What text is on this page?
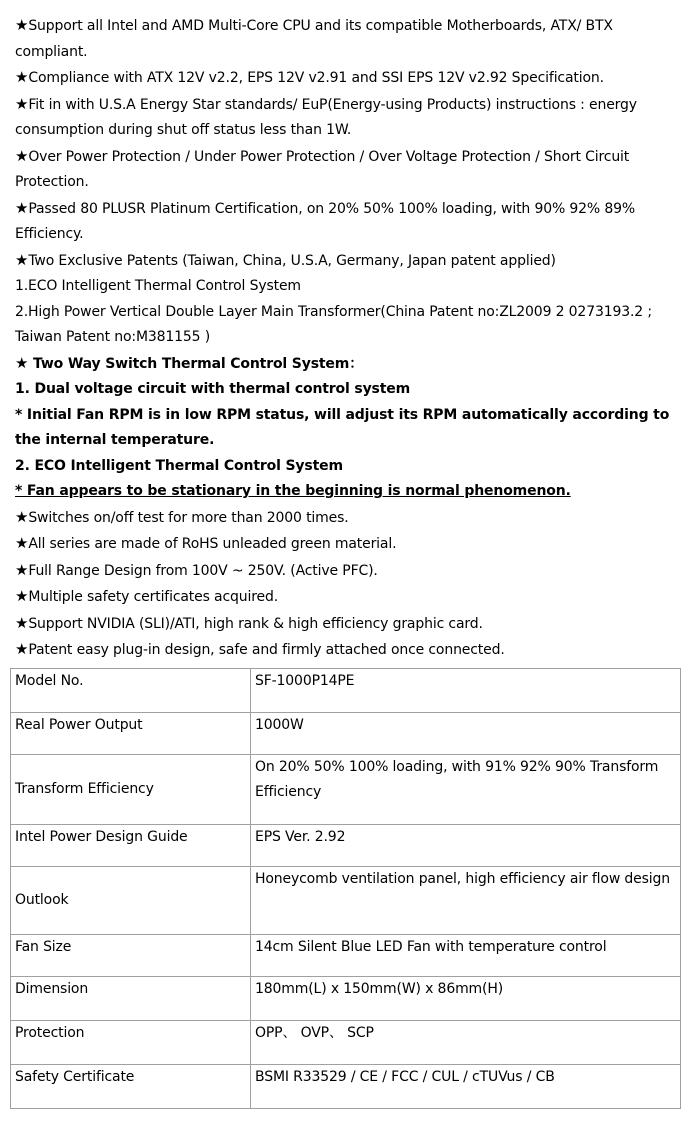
★Support all Intel and AMD Multi-Core CPU and its compatible Motherboards, ATX/ BTX compliant.

★Compliance with ATX 12V v2.2, EPS 12V v2.91 and SSI EPS 12V v2.92 Specification.

★Fit in with U.S.A Energy Star standards/ EuP(Energy-using Products) instructions : energy consumption during shut off status less than 1W.

★Over Power Protection / Under Power Protection / Over Voltage Protection / Short Circuit Protection.

★Passed 80 PLUSR Platinum Certification, on 20% 50% 100% loading, with 90% 92% 89% Efficiency.

★Two Exclusive Patents (Taiwan, China, U.S.A, Germany, Japan patent applied)

1.ECO Intelligent Thermal Control System

2.High Power Vertical Double Layer Main Transformer(China Patent no:ZL2009 2 0273193.2 ; Taiwan Patent no:M381155 )

★ Two Way Switch Thermal Control System：

1. Dual voltage circuit with thermal control system

* Initial Fan RPM is in low RPM status, will adjust its RPM automatically according to the internal temperature.

2. ECO Intelligent Thermal Control System

* Fan appears to be stationary in the beginning is normal phenomenon.

★Switches on/off test for more than 2000 times.

★All series are made of RoHS unleaded green material.

★Full Range Design from 100V ~ 250V. (Active PFC).

★Multiple safety certificates acquired.

★Support NVIDIA (SLI)/ATI, high rank & high efficiency graphic card.

★Patent easy plug-in design, safe and firmly attached once connected.

Model No.	SF-1000P14PE
Real Power Output	1000W
Transform Efficiency	On 20% 50% 100% loading, with 91% 92% 90% Transform Efficiency
Intel Power Design Guide	EPS Ver. 2.92
Outlook	Honeycomb ventilation panel, high efficiency air flow design
Fan Size	14cm Silent Blue LED Fan with temperature control
Dimension	180mm(L) x 150mm(W) x 86mm(H)
Protection	OPP、 OVP、 SCP
Safety Certificate	BSMI R33529 / CE / FCC / CUL / cTUVus / CB
